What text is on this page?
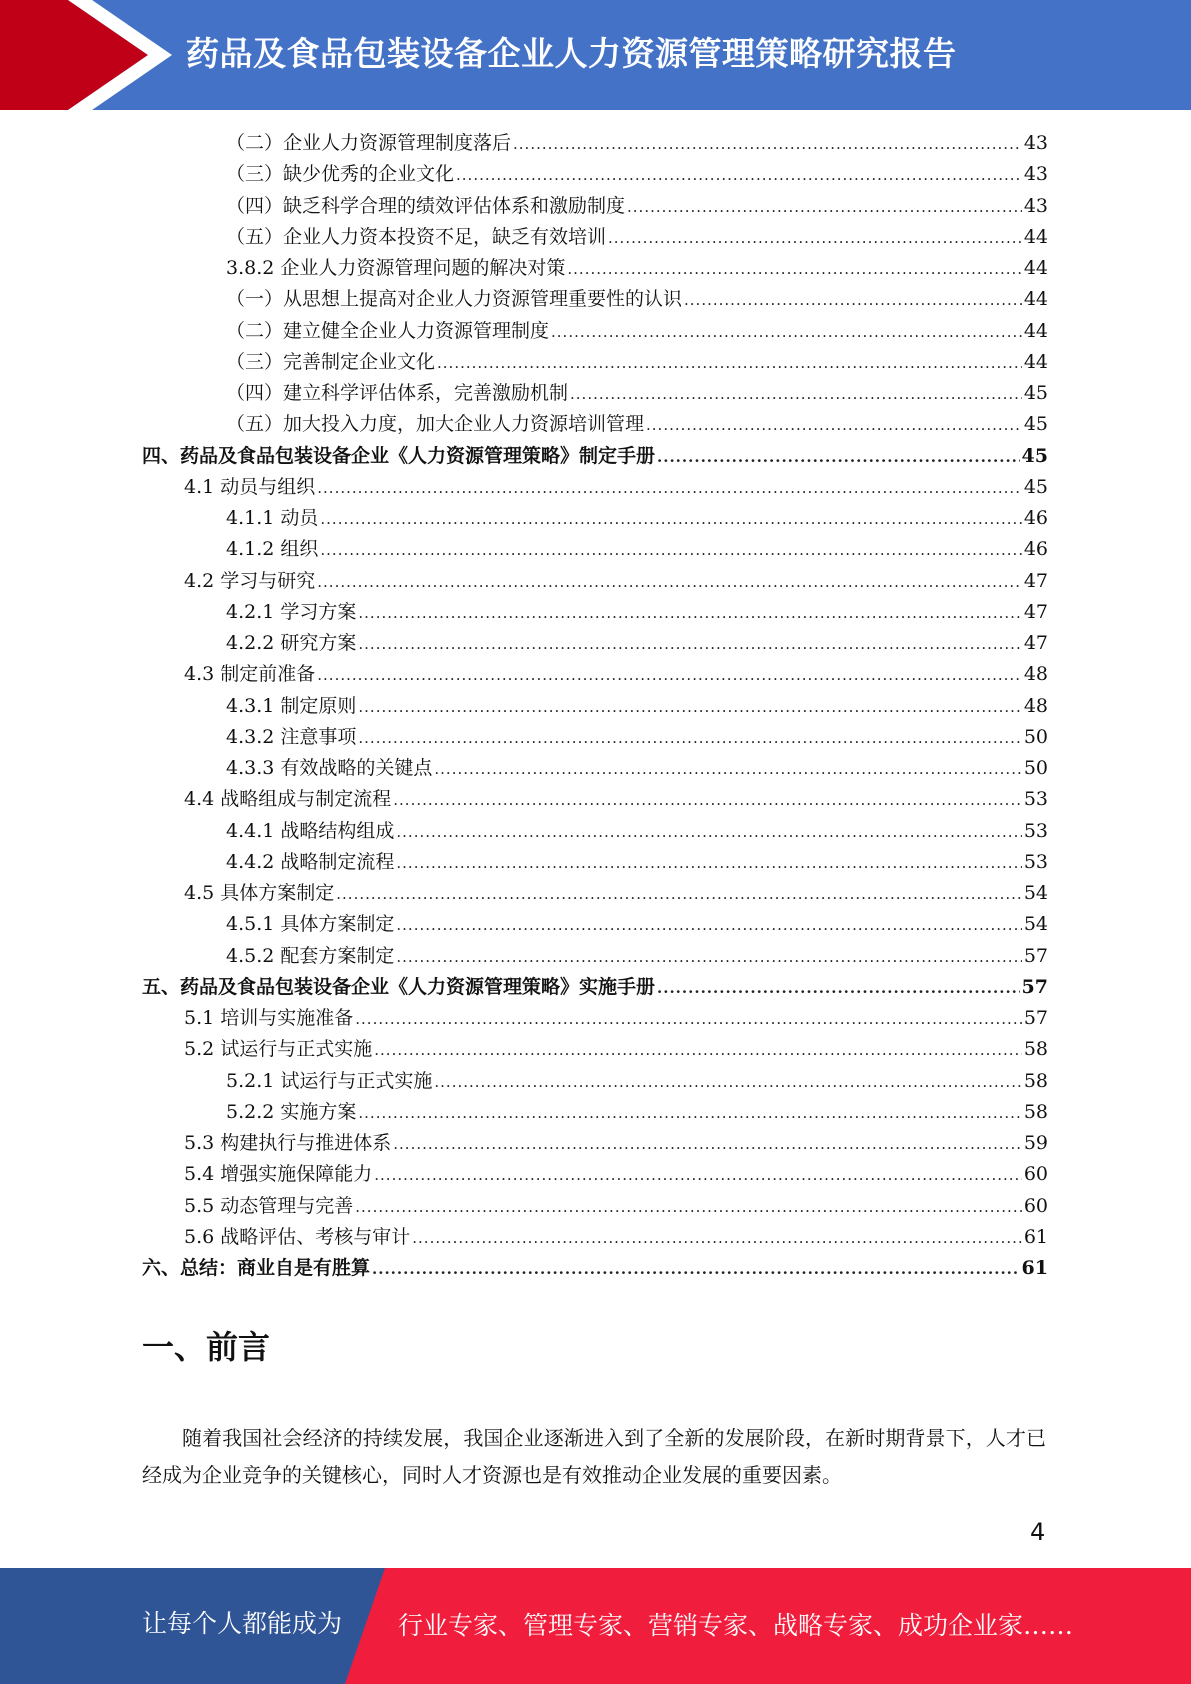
药品及食品包装设备企业人力资源管理策略研究报告
（二）企业人力资源管理制度落后 .....	43
（三）缺少优秀的企业文化 .....	43
（四）缺乏科学合理的绩效评估体系和激励制度 .....	43
（五）企业人力资本投资不足，缺乏有效培训 .....	44
3.8.2 企业人力资源管理问题的解决对策 .....	44
（一）从思想上提高对企业人力资源管理重要性的认识 .....	44
（二）建立健全企业人力资源管理制度 .....	44
（三）完善制定企业文化 .....	44
（四）建立科学评估体系，完善激励机制 .....	45
（五）加大投入力度，加大企业人力资源培训管理 .....	45
四、药品及食品包装设备企业《人力资源管理策略》制定手册 .....	45
4.1 动员与组织 .....	45
4.1.1 动员 .....	46
4.1.2 组织 .....	46
4.2 学习与研究 .....	47
4.2.1 学习方案 .....	47
4.2.2 研究方案 .....	47
4.3 制定前准备 .....	48
4.3.1 制定原则 .....	48
4.3.2 注意事项 .....	50
4.3.3 有效战略的关键点 .....	50
4.4 战略组成与制定流程 .....	53
4.4.1 战略结构组成 .....	53
4.4.2 战略制定流程 .....	53
4.5 具体方案制定 .....	54
4.5.1 具体方案制定 .....	54
4.5.2 配套方案制定 .....	57
五、药品及食品包装设备企业《人力资源管理策略》实施手册 .....	57
5.1 培训与实施准备 .....	57
5.2 试运行与正式实施 .....	58
5.2.1 试运行与正式实施 .....	58
5.2.2 实施方案 .....	58
5.3 构建执行与推进体系 .....	59
5.4 增强实施保障能力 .....	60
5.5 动态管理与完善 .....	60
5.6 战略评估、考核与审计 .....	61
六、总结：商业自是有胜算 .....	61
一、前言
随着我国社会经济的持续发展，我国企业逐渐进入到了全新的发展阶段，在新时期背景下，人才已经成为企业竞争的关键核心，同时人才资源也是有效推动企业发展的重要因素。
4
让每个人都能成为 行业专家、管理专家、营销专家、战略专家、成功企业家……
